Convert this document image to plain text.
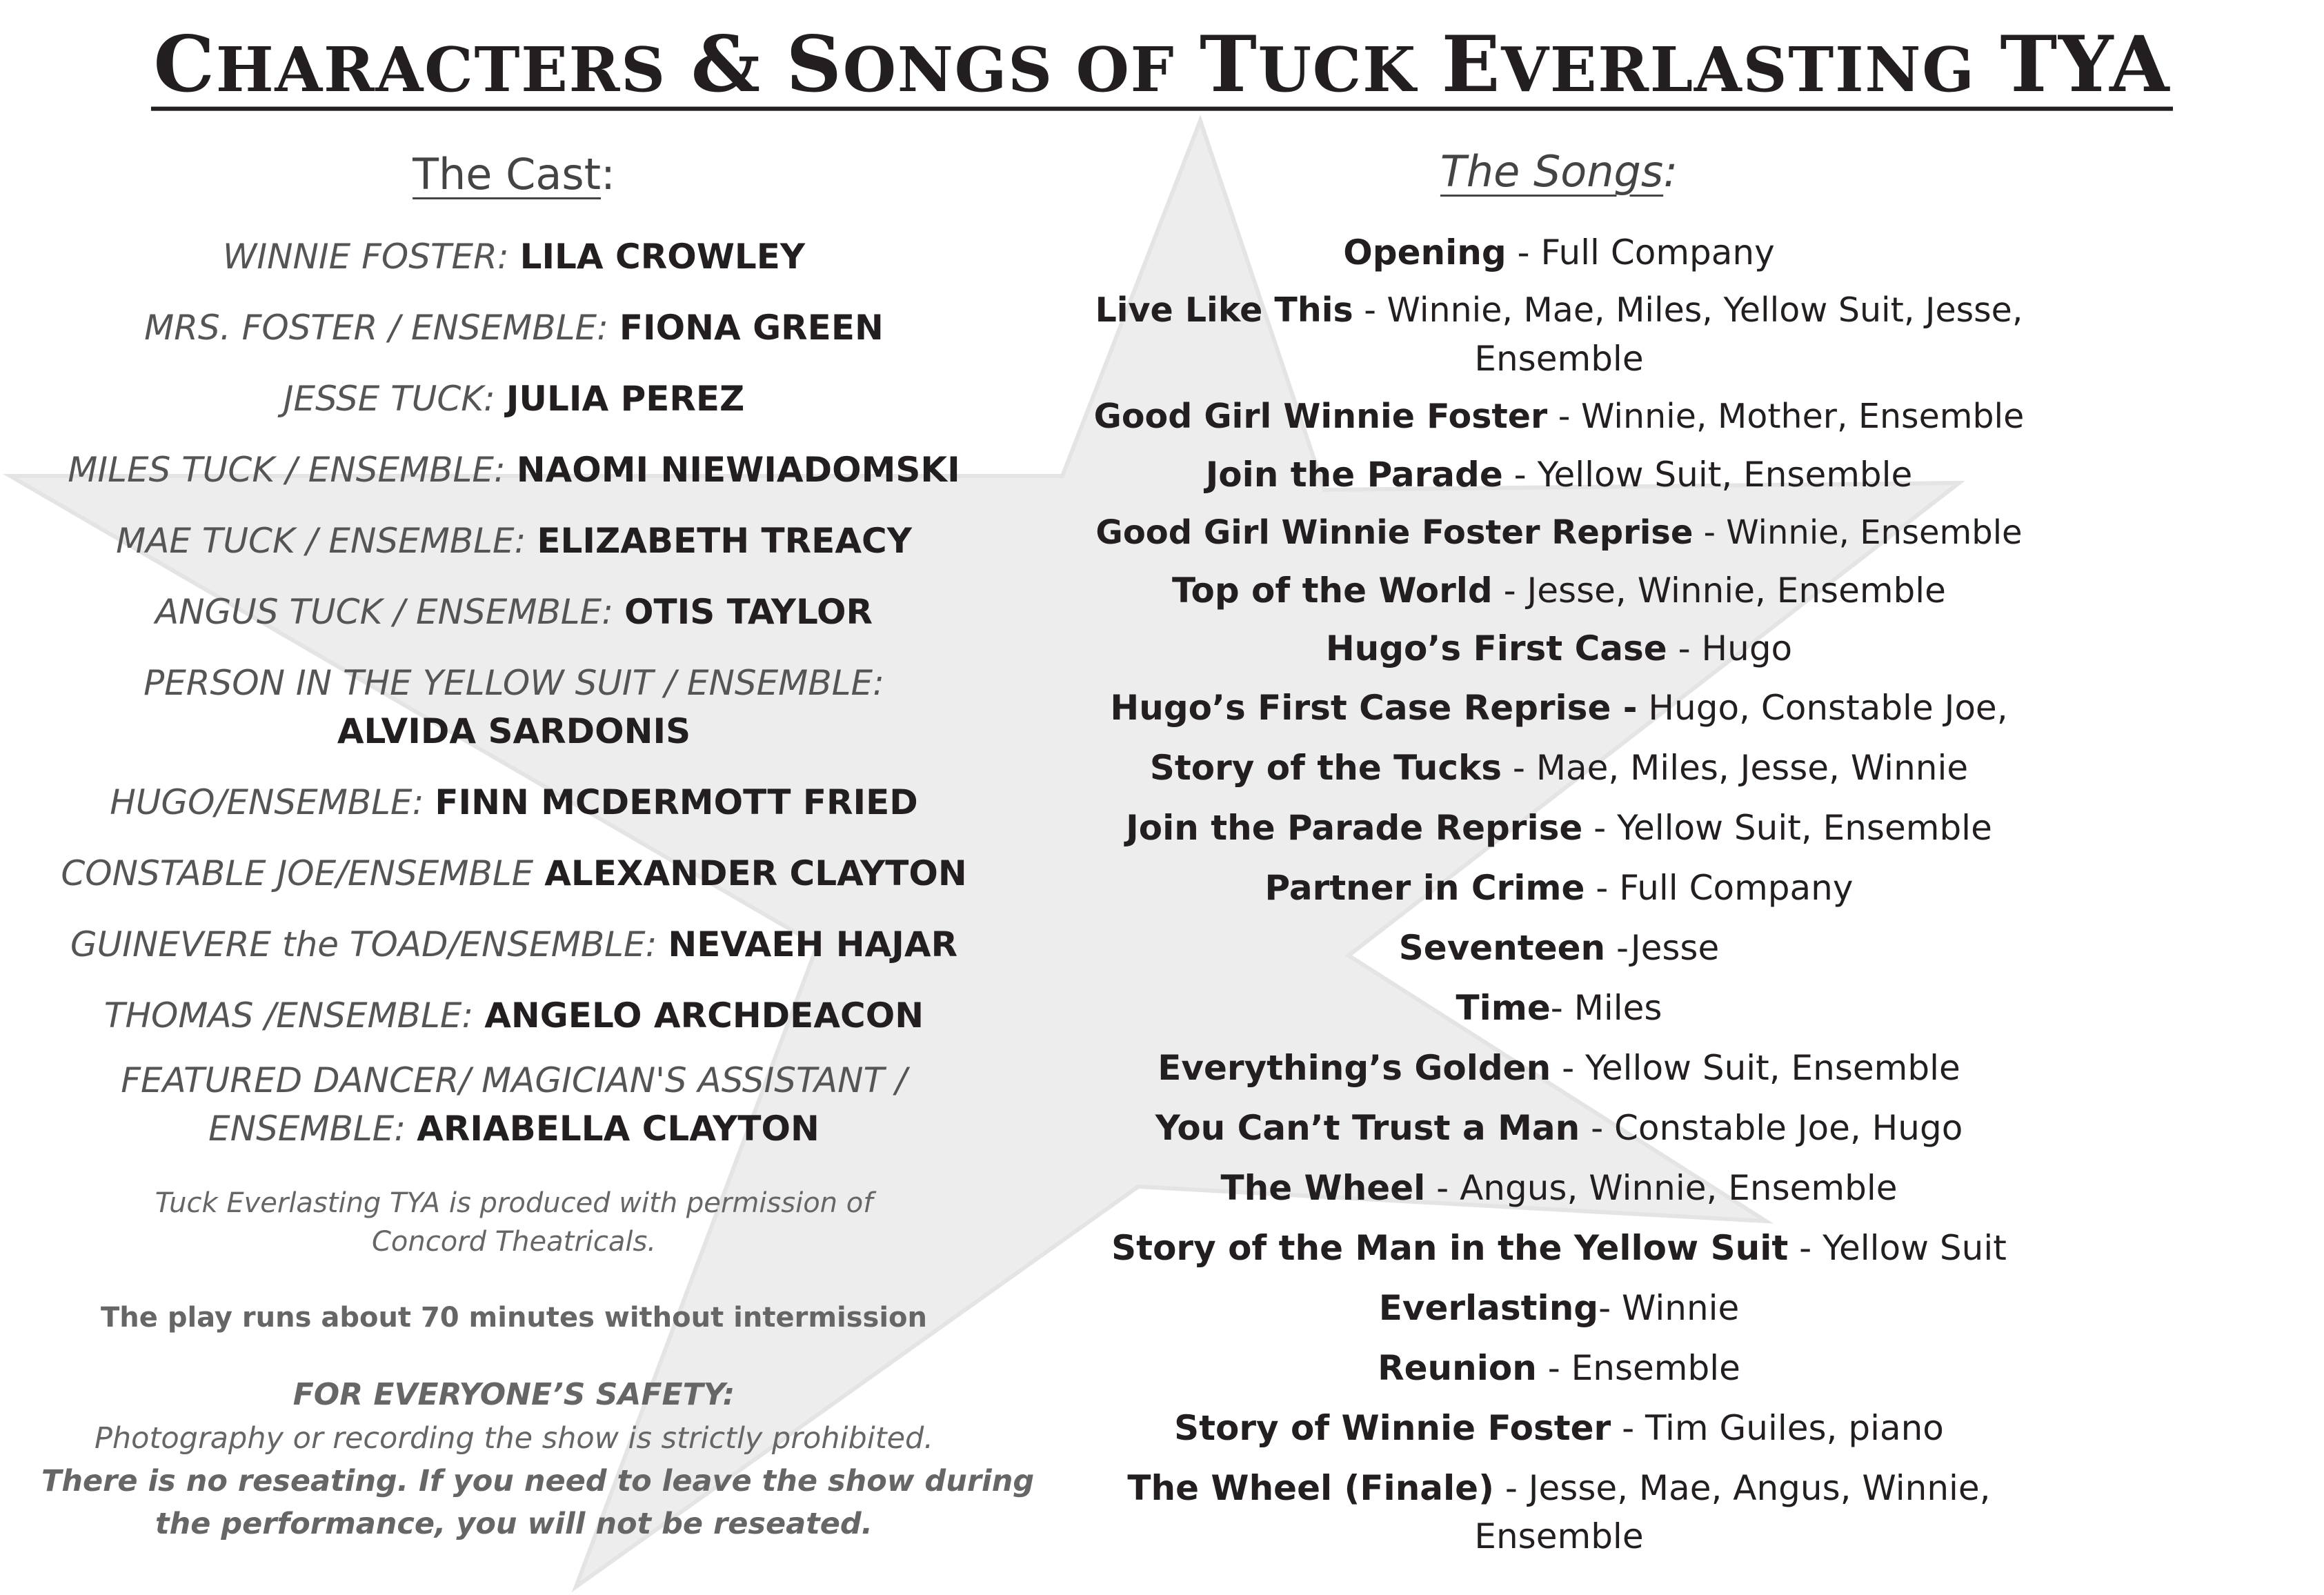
CHARACTERS & SONGS OF TUCK EVERLASTING TYA
The Cast:
WINNIE FOSTER: LILA CROWLEY
MRS. FOSTER / ENSEMBLE: FIONA GREEN
JESSE TUCK: JULIA PEREZ
MILES TUCK / ENSEMBLE: NAOMI NIEWIADOMSKI
MAE TUCK / ENSEMBLE: ELIZABETH TREACY
ANGUS TUCK / ENSEMBLE: OTIS TAYLOR
PERSON IN THE YELLOW SUIT / ENSEMBLE:
ALVIDA SARDONIS
HUGO/ENSEMBLE: FINN MCDERMOTT FRIED
CONSTABLE JOE/ENSEMBLE ALEXANDER CLAYTON
GUINEVERE the TOAD/ENSEMBLE: NEVAEH HAJAR
THOMAS /ENSEMBLE: ANGELO ARCHDEACON
FEATURED DANCER/ MAGICIAN'S ASSISTANT /
ENSEMBLE: ARIABELLA CLAYTON
Tuck Everlasting TYA is produced with permission of
Concord Theatricals.
The play runs about 70 minutes without intermission
FOR EVERYONE’S SAFETY:
Photography or recording the show is strictly prohibited.
There is no reseating. If you need to leave the show during
the performance, you will not be reseated.
The Songs:
Opening - Full Company
Live Like This - Winnie, Mae, Miles, Yellow Suit, Jesse,
Ensemble
Good Girl Winnie Foster - Winnie, Mother, Ensemble
Join the Parade - Yellow Suit, Ensemble
Good Girl Winnie Foster Reprise - Winnie, Ensemble
Top of the World - Jesse, Winnie, Ensemble
Hugo’s First Case - Hugo
Hugo’s First Case Reprise - Hugo, Constable Joe,
Story of the Tucks - Mae, Miles, Jesse, Winnie
Join the Parade Reprise - Yellow Suit, Ensemble
Partner in Crime - Full Company
Seventeen -Jesse
Time- Miles
Everything’s Golden - Yellow Suit, Ensemble
You Can’t Trust a Man - Constable Joe, Hugo
The Wheel - Angus, Winnie, Ensemble
Story of the Man in the Yellow Suit - Yellow Suit
Everlasting- Winnie
Reunion - Ensemble
Story of Winnie Foster - Tim Guiles, piano
The Wheel (Finale) - Jesse, Mae, Angus, Winnie,
Ensemble
